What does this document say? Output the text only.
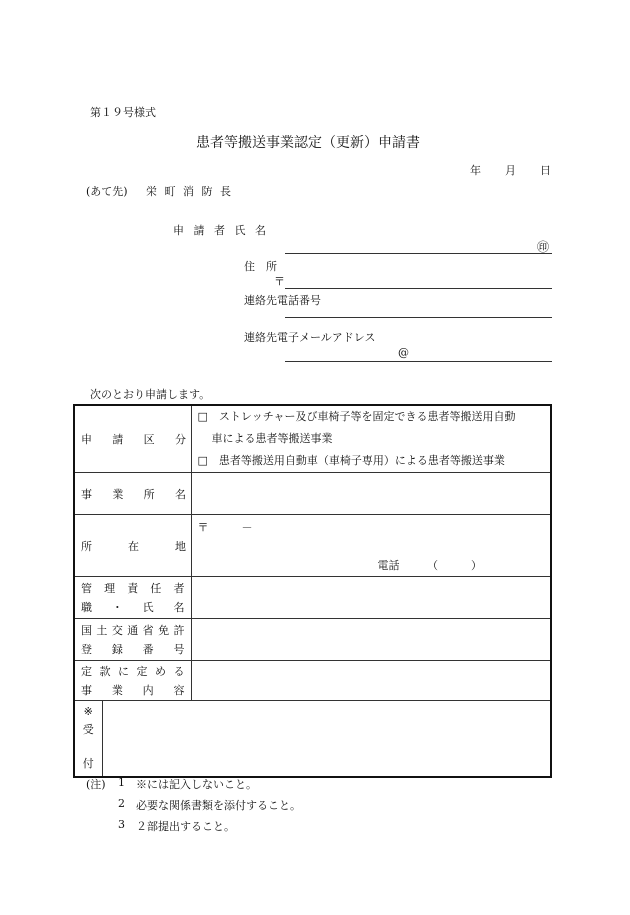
第１９号様式
患者等搬送事業認定（更新）申請書
年 月 日
(あて先) 栄 町 消 防 長
申 請 者 氏 名
㊞
住　所
〒
連絡先電話番号
連絡先電子メールアドレス
@
次のとおり申請します。
申 請 区 分		□　ストレッチャー及び車椅子等を固定できる患者等搬送用自動
車による患者等搬送事業
□　患者等搬送用自動車（車椅子専用）による患者等搬送事業

事 業 所 名		

所 在 地		〒　　　－
電話　　　（　　　）

管 理 責 任 者
職 ・ 氏 名		

国土交通省免許
登 録 番 号		

定 款 に 定 め る
事 業 内 容		

※
受
付		

(注) 1 ※には記入しないこと。
2 必要な関係書類を添付すること。
3 ２部提出すること。
